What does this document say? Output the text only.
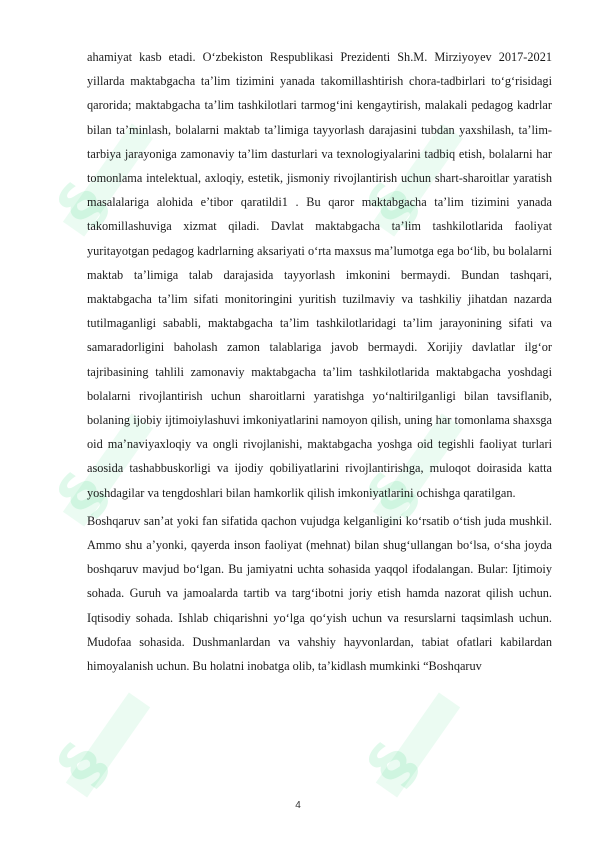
§	§
§	§
§	§

ahamiyat kasb etadi. O‘zbekiston Respublikasi Prezidenti Sh.M. Mirziyoyev 2017-2021 yillarda maktabgacha ta’lim tizimini yanada takomillashtirish chora-tadbirlari to‘g‘risidagi qarorida; maktabgacha ta’lim tashkilotlari tarmog‘ini kengaytirish, malakali pedagog kadrlar bilan ta’minlash, bolalarni maktab ta’limiga tayyorlash darajasini tubdan yaxshilash, ta’lim-tarbiya jarayoniga zamonaviy ta’lim dasturlari va texnologiyalarini tadbiq etish, bolalarni har tomonlama intelektual, axloqiy, estetik, jismoniy rivojlantirish uchun shart-sharoitlar yaratish masalalariga alohida e’tibor qaratildi1 . Bu qaror maktabgacha ta’lim tizimini yanada takomillashuviga xizmat qiladi. Davlat maktabgacha ta’lim tashkilotlarida faoliyat yuritayotgan pedagog kadrlarning aksariyati o‘rta maxsus ma’lumotga ega bo‘lib, bu bolalarni maktab ta’limiga talab darajasida tayyorlash imkonini bermaydi. Bundan tashqari, maktabgacha ta’lim sifati monitoringini yuritish tuzilmaviy va tashkiliy jihatdan nazarda tutilmaganligi sababli, maktabgacha ta’lim tashkilotlaridagi ta’lim jarayonining sifati va samaradorligini baholash zamon talablariga javob bermaydi. Xorijiy davlatlar ilg‘or tajribasining tahlili zamonaviy maktabgacha ta’lim tashkilotlarida maktabgacha yoshdagi bolalarni rivojlantirish uchun sharoitlarni yaratishga yo‘naltirilganligi bilan tavsiflanib, bolaning ijobiy ijtimoiylashuvi imkoniyatlarini namoyon qilish, uning har tomonlama shaxsga oid ma’naviyaxloqiy va ongli rivojlanishi, maktabgacha yoshga oid tegishli faoliyat turlari asosida tashabbuskorligi va ijodiy qobiliyatlarini rivojlantirishga, muloqot doirasida katta yoshdagilar va tengdoshlari bilan hamkorlik qilish imkoniyatlarini ochishga qaratilgan.

Boshqaruv san’at yoki fan sifatida qachon vujudga kelganligini ko‘rsatib o‘tish juda mushkil. Ammo shu a’yonki, qayerda inson faoliyat (mehnat) bilan shug‘ullangan bo‘lsa, o‘sha joyda boshqaruv mavjud bo‘lgan. Bu jamiyatni uchta sohasida yaqqol ifodalangan. Bular: Ijtimoiy sohada. Guruh va jamoalarda tartib va targ‘ibotni joriy etish hamda nazorat qilish uchun. Iqtisodiy sohada. Ishlab chiqarishni yo‘lga qo‘yish uchun va resurslarni taqsimlash uchun. Mudofaa sohasida. Dushmanlardan va vahshiy hayvonlardan, tabiat ofatlari kabilardan himoyalanish uchun. Bu holatni inobatga olib, ta’kidlash mumkinki “Boshqaruv

4
